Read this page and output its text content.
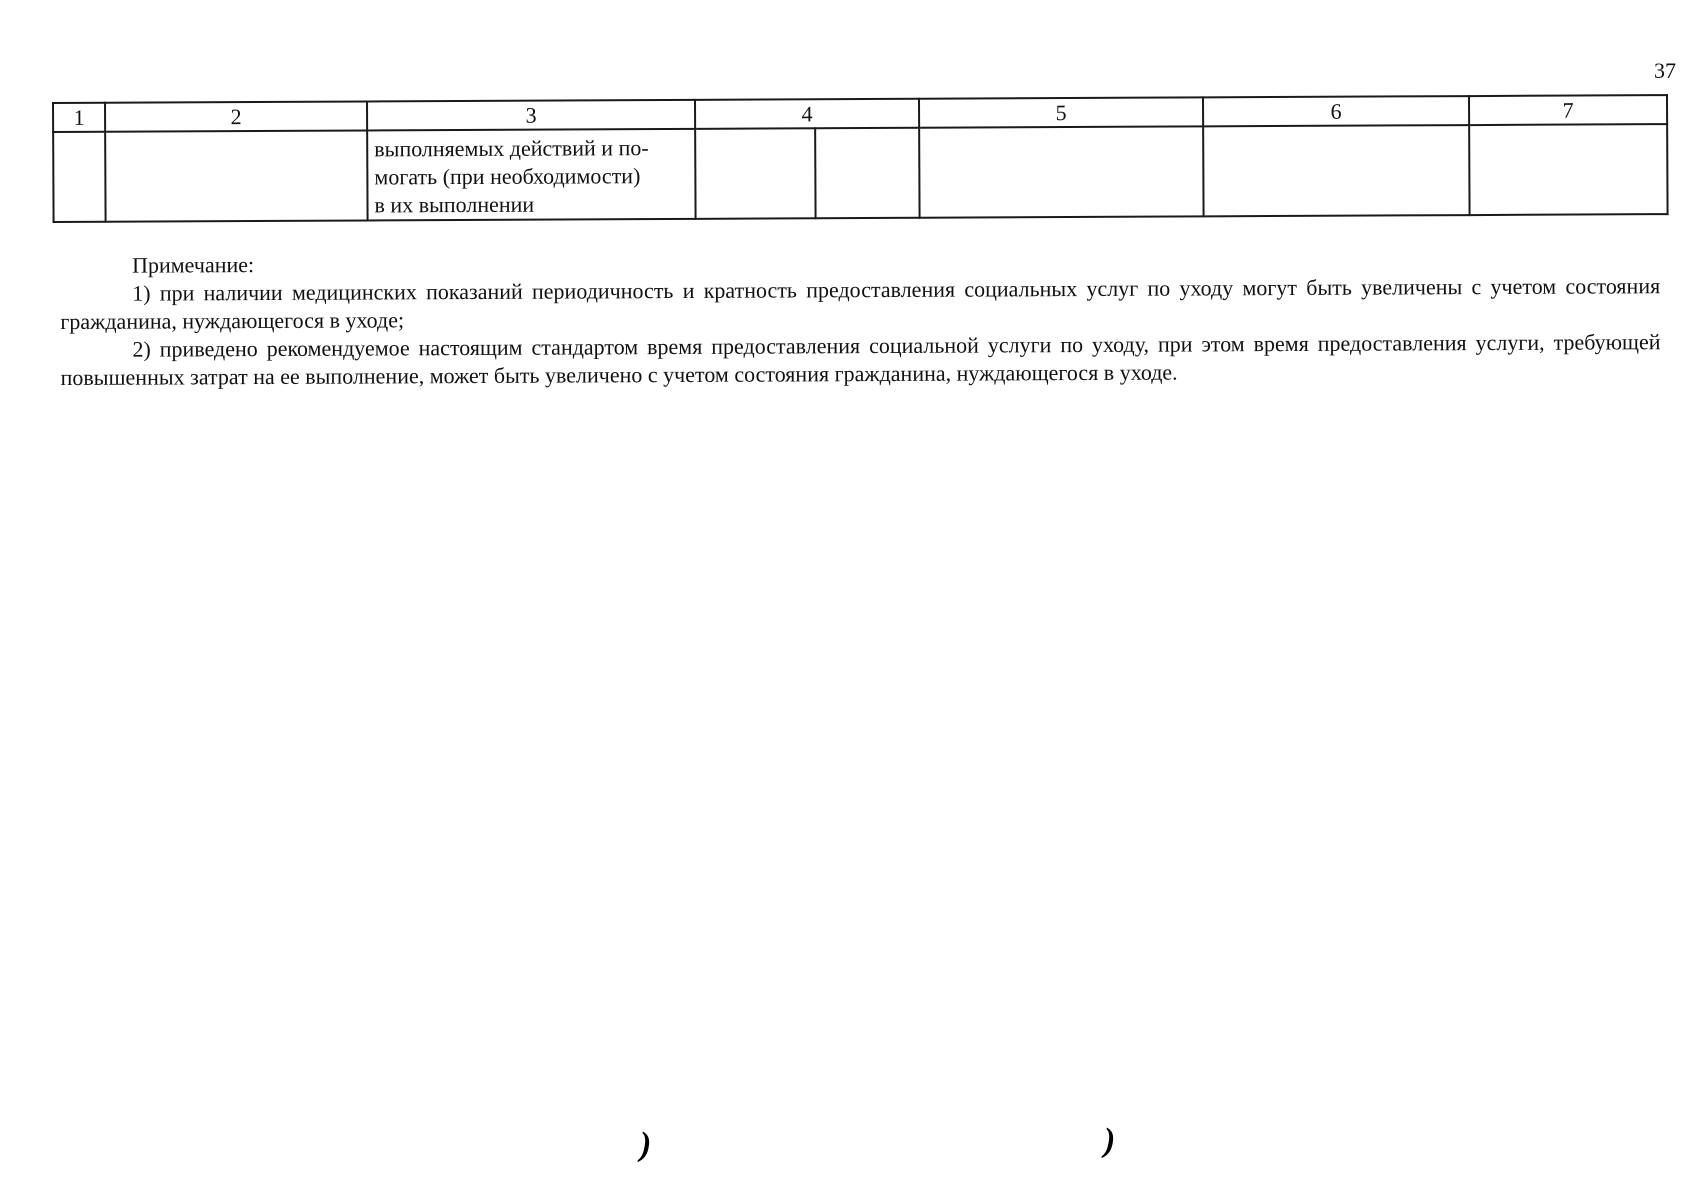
37
1	2	3	4		5	6	7

		выполняемых действий и по-
могать (при необходимости)
в их выполнении					

Примечание:

1) при наличии медицинских показаний периодичность и кратность предоставления социальных услуг по уходу могут быть увеличены с учетом состояния гражданина, нуждающегося в уходе;

2) приведено рекомендуемое настоящим стандартом время предоставления социальной услуги по уходу, при этом время предоставления услуги, требующей повышенных затрат на ее выполнение, может быть увеличено с учетом состояния гражданина, нуждающегося в уходе.

)	)
